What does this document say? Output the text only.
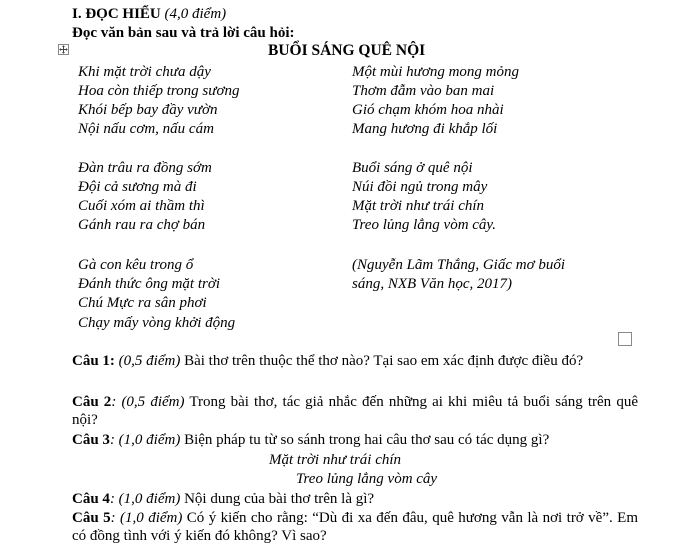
I. ĐỌC HIỂU (4,0 điểm)
Đọc văn bản sau và trả lời câu hỏi:
BUỔI SÁNG QUÊ NỘI
Khi mặt trời chưa dậy
Hoa còn thiếp trong sương
Khói bếp bay đầy vườn
Nội nấu cơm, nấu cám
Đàn trâu ra đồng sớm
Đội cả sương mà đi
Cuối xóm ai thầm thì
Gánh rau ra chợ bán
Gà con kêu trong ổ
Đánh thức ông mặt trời
Chú Mực ra sân phơi
Chạy mấy vòng khởi động
Một mùi hương mong mỏng
Thơm đẫm vào ban mai
Gió chạm khóm hoa nhài
Mang hương đi khắp lối
Buổi sáng ở quê nội
Núi đồi ngủ trong mây
Mặt trời như trái chín
Treo lủng lẳng vòm cây.
(Nguyễn Lãm Thắng, Giấc mơ buổi
sáng, NXB Văn học, 2017)
Câu 1: (0,5 điểm) Bài thơ trên thuộc thể thơ nào? Tại sao em xác định được điều đó?
Câu 2: (0,5 điểm) Trong bài thơ, tác giả nhắc đến những ai khi miêu tả buổi sáng trên quê nội?
Câu 3: (1,0 điểm) Biện pháp tu từ so sánh trong hai câu thơ sau có tác dụng gì?
Mặt trời như trái chín
Treo lủng lẳng vòm cây
Câu 4: (1,0 điểm) Nội dung của bài thơ trên là gì?
Câu 5: (1,0 điểm) Có ý kiến cho rằng: “Dù đi xa đến đâu, quê hương vẫn là nơi trở về”. Em có đồng tình với ý kiến đó không? Vì sao?
